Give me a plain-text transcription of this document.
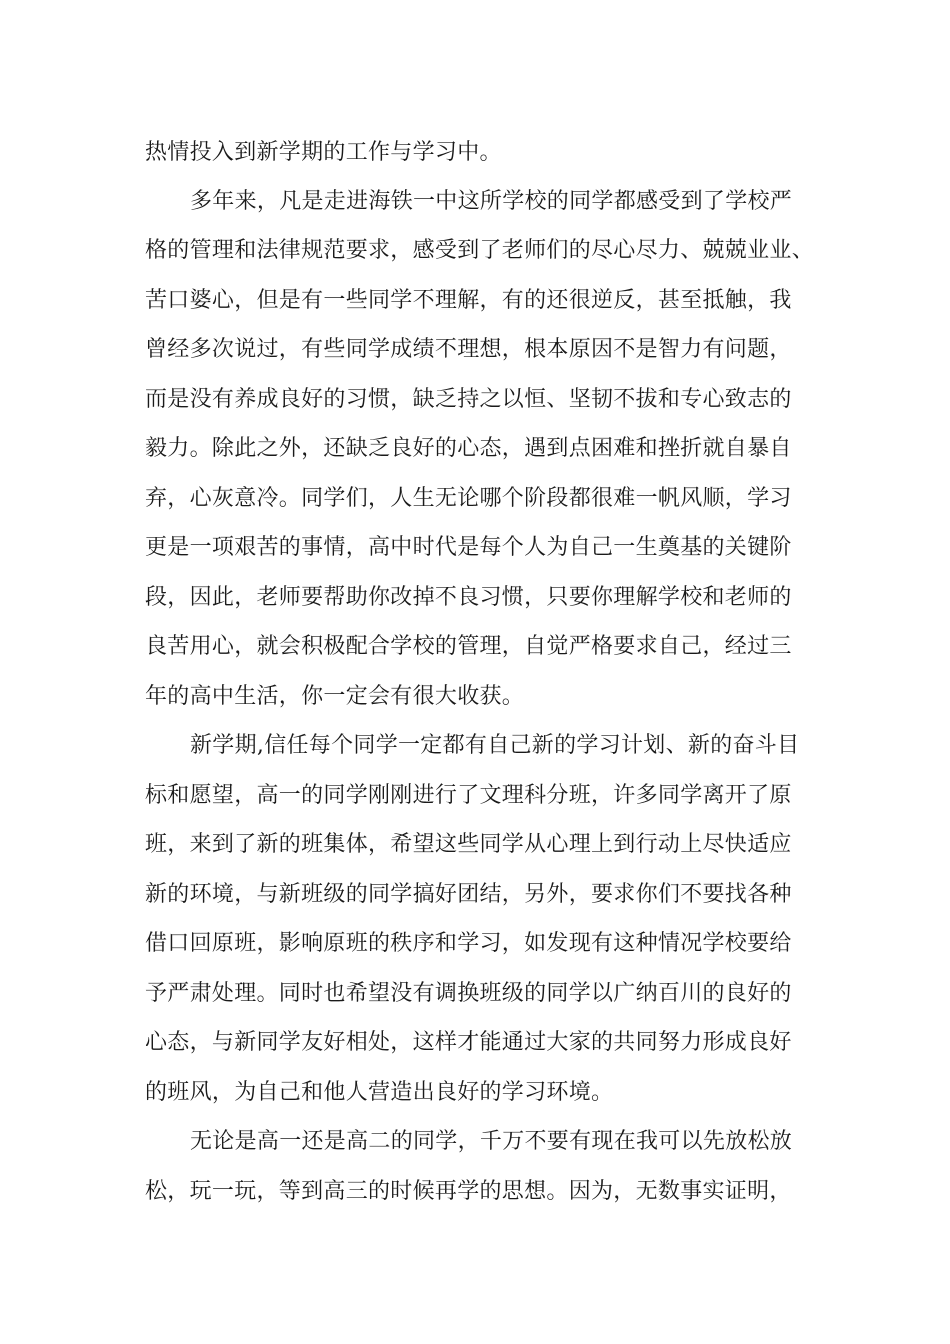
热情投入到新学期的工作与学习中。
多年来，凡是走进海铁一中这所学校的同学都感受到了学校严
格的管理和法律规范要求，感受到了老师们的尽心尽力、兢兢业业、
苦口婆心，但是有一些同学不理解，有的还很逆反，甚至抵触，我
曾经多次说过，有些同学成绩不理想，根本原因不是智力有问题，
而是没有养成良好的习惯，缺乏持之以恒、坚韧不拔和专心致志的
毅力。除此之外，还缺乏良好的心态，遇到点困难和挫折就自暴自
弃，心灰意冷。同学们，人生无论哪个阶段都很难一帆风顺，学习
更是一项艰苦的事情，高中时代是每个人为自己一生奠基的关键阶
段，因此，老师要帮助你改掉不良习惯，只要你理解学校和老师的
良苦用心，就会积极配合学校的管理，自觉严格要求自己，经过三
年的高中生活，你一定会有很大收获。
新学期,信任每个同学一定都有自己新的学习计划、新的奋斗目
标和愿望，高一的同学刚刚进行了文理科分班，许多同学离开了原
班，来到了新的班集体，希望这些同学从心理上到行动上尽快适应
新的环境，与新班级的同学搞好团结，另外，要求你们不要找各种
借口回原班，影响原班的秩序和学习，如发现有这种情况学校要给
予严肃处理。同时也希望没有调换班级的同学以广纳百川的良好的
心态，与新同学友好相处，这样才能通过大家的共同努力形成良好
的班风，为自己和他人营造出良好的学习环境。
无论是高一还是高二的同学，千万不要有现在我可以先放松放
松，玩一玩，等到高三的时候再学的思想。因为，无数事实证明，
